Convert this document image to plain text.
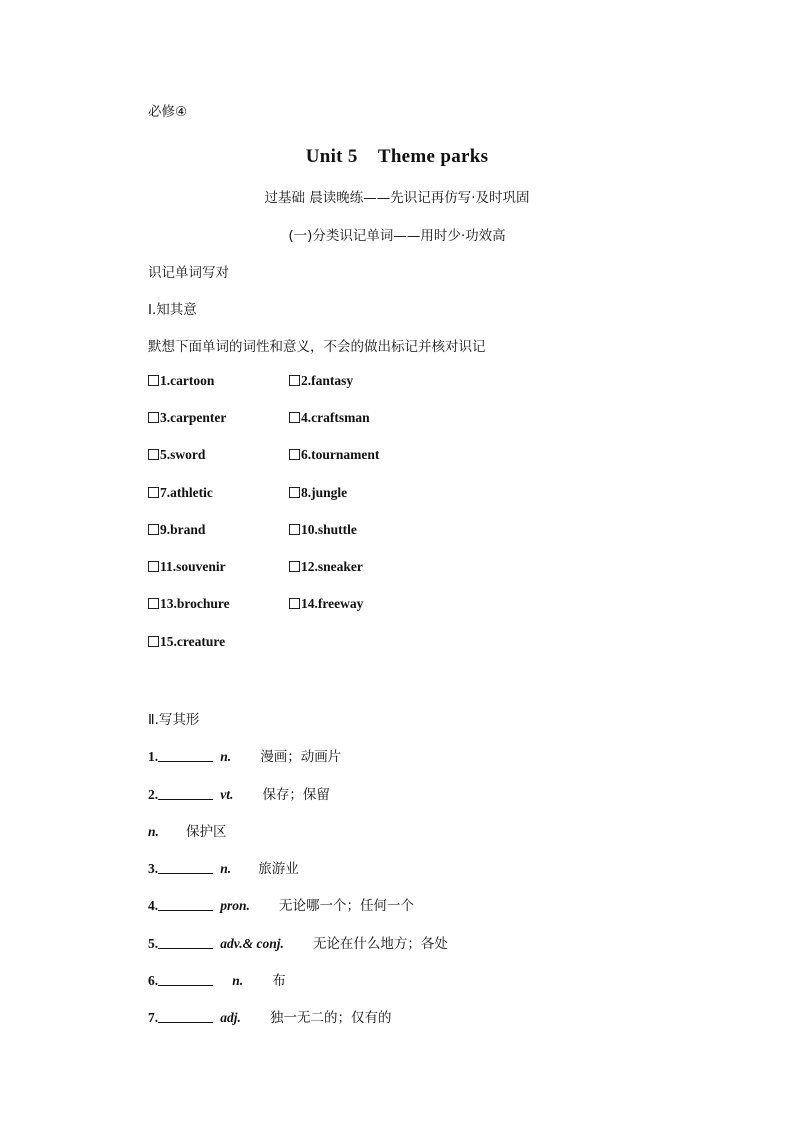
必修④
Unit 5    Theme parks
过基础 晨读晚练——先识记再仿写·及时巩固
(一)分类识记单词——用时少·功效高
识记单词写对
Ⅰ.知其意
默想下面单词的词性和意义，不会的做出标记并核对识记
1.cartoon	2.fantasy
3.carpenter	4.craftsman
5.sword	6.tournament
7.athletic	8.jungle
9.brand	10.shuttle
11.souvenir	12.sneaker
13.brochure	14.freeway
15.creature
Ⅱ.写其形
1.	n. 漫画；动画片
2.	vt. 保存；保留
n. 保护区
3.	n. 旅游业
4.	pron. 无论哪一个；任何一个
5.	adv.& conj. 无论在什么地方；各处
6.	n. 布
7.	adj. 独一无二的；仅有的
